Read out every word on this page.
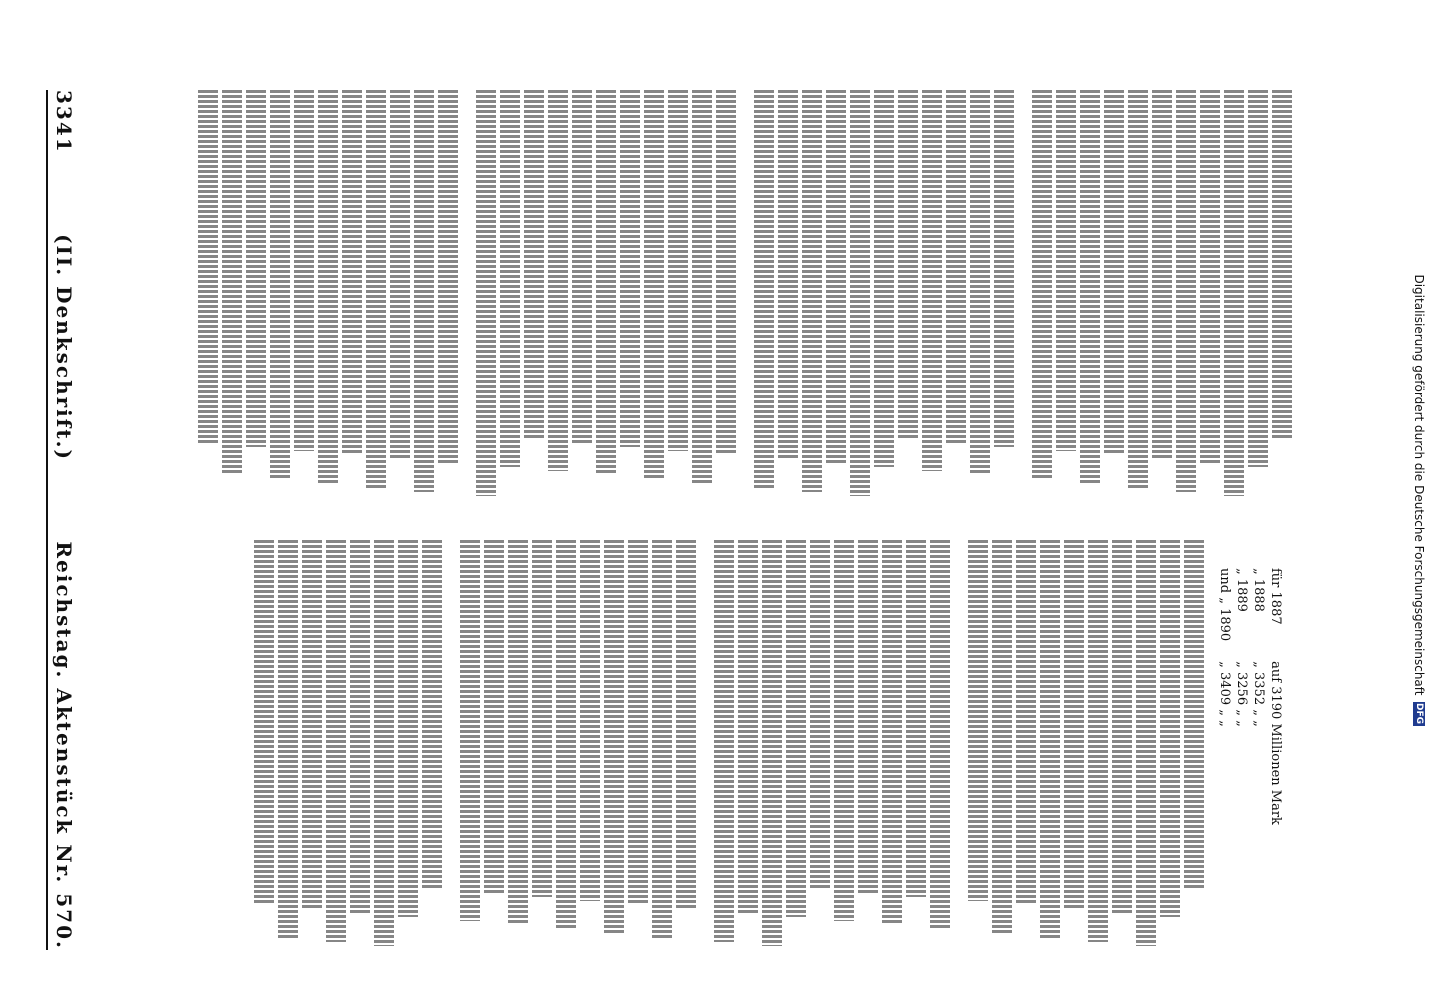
Digitalisierung gefördert durch die Deutsche Forschungsgemeinschaft
DFG
3341
(II. Denkschrift.)
Reichstag. Aktenstück Nr. 570.	für 1887	auf 3190 Millionen Mark
„ 1888	„ 3352 „ „
„ 1889	„ 3256 „ „
und „ 1890	„ 3409 „ „
